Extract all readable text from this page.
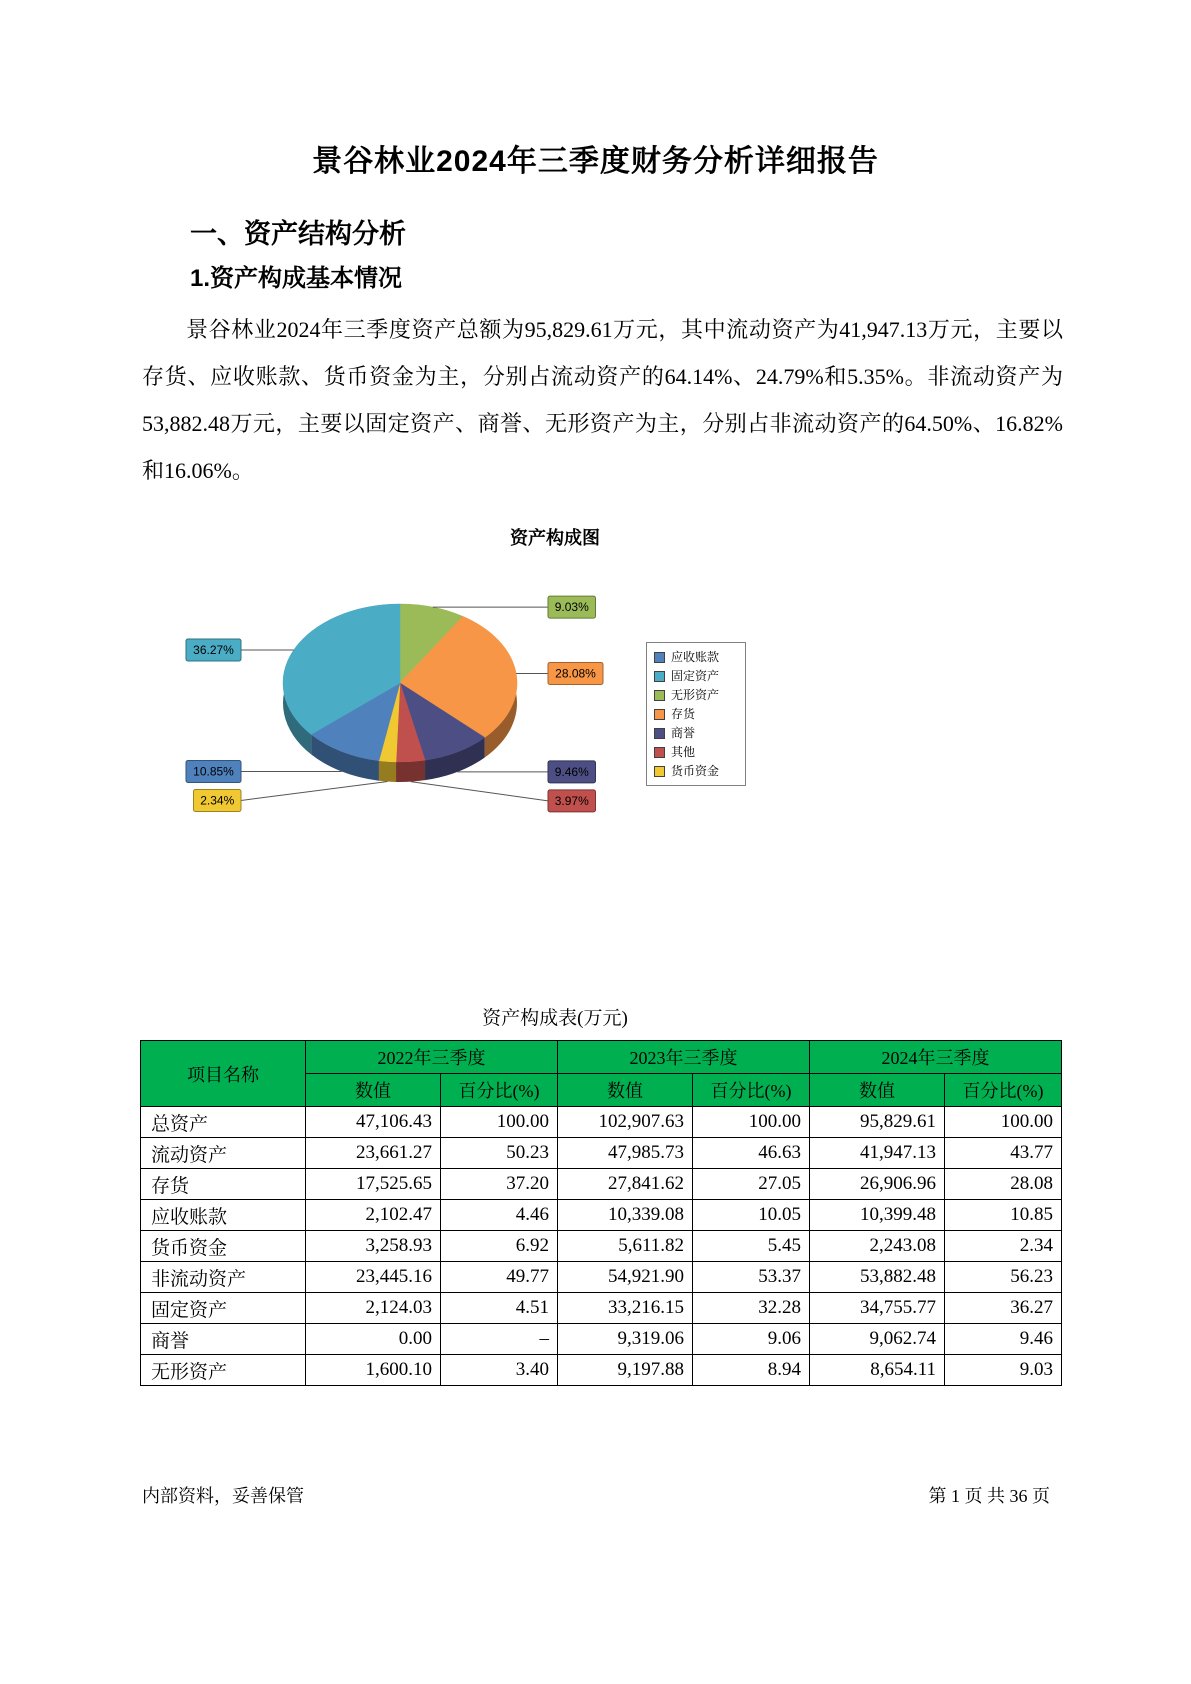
景谷林业2024年三季度财务分析详细报告
一、资产结构分析
1.资产构成基本情况

景谷林业2024年三季度资产总额为95,829.61万元，其中流动资产为41,947.13万元，主要以存货、应收账款、货币资金为主，分别占流动资产的64.14%、24.79%和5.35%。非流动资产为53,882.48万元，主要以固定资产、商誉、无形资产为主，分别占非流动资产的64.50%、16.82%和16.06%。

资产构成图
9.03%
28.08%
9.46%
3.97%
2.34%
10.85%
36.27%
应收账款
固定资产
无形资产
存货
商誉
其他
货币资金
资产构成表(万元)
项目名称	2022年三季度		2023年三季度		2024年三季度	
	数值	百分比(%)	数值	百分比(%)	数值	百分比(%)
总资产	47,106.43	100.00	102,907.63	100.00	95,829.61	100.00
流动资产	23,661.27	50.23	47,985.73	46.63	41,947.13	43.77
存货	17,525.65	37.20	27,841.62	27.05	26,906.96	28.08
应收账款	2,102.47	4.46	10,339.08	10.05	10,399.48	10.85
货币资金	3,258.93	6.92	5,611.82	5.45	2,243.08	2.34
非流动资产	23,445.16	49.77	54,921.90	53.37	53,882.48	56.23
固定资产	2,124.03	4.51	33,216.15	32.28	34,755.77	36.27
商誉	0.00	–	9,319.06	9.06	9,062.74	9.46
无形资产	1,600.10	3.40	9,197.88	8.94	8,654.11	9.03
内部资料，妥善保管	第 1 页 共 36 页
